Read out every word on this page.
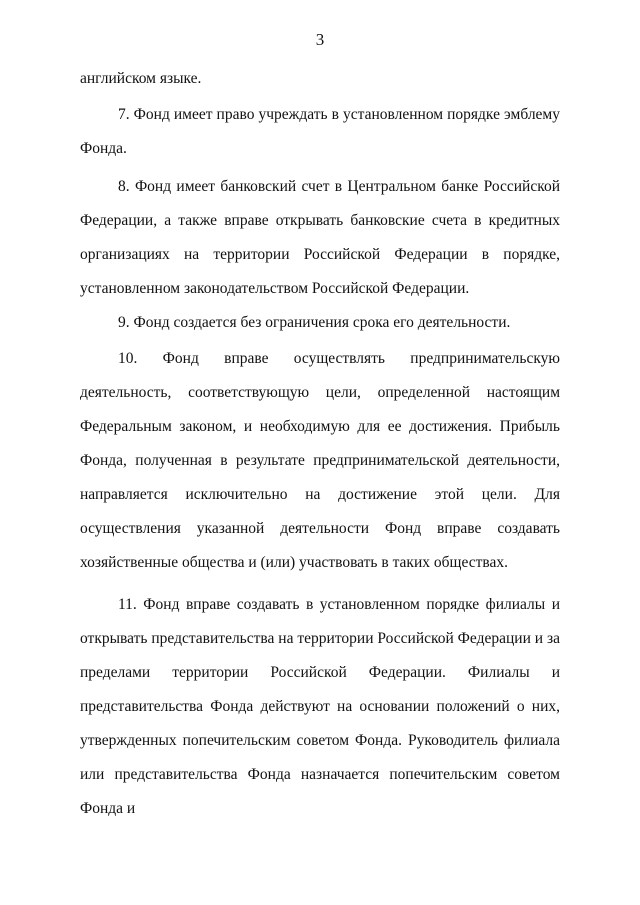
3

английском языке.

7. Фонд имеет право учреждать в установленном порядке эмблему Фонда.

8. Фонд имеет банковский счет в Центральном банке Российской Федерации, а также вправе открывать банковские счета в кредитных организациях на территории Российской Федерации в порядке, установленном законодательством Российской Федерации.

9. Фонд создается без ограничения срока его деятельности.

10. Фонд вправе осуществлять предпринимательскую деятельность, соответствующую цели, определенной настоящим Федеральным законом, и необходимую для ее достижения. Прибыль Фонда, полученная в результате предпринимательской деятельности, направляется исключительно на достижение этой цели. Для осуществления указанной деятельности Фонд вправе создавать хозяйственные общества и (или) участвовать в таких обществах.

11. Фонд вправе создавать в установленном порядке филиалы и открывать представительства на территории Российской Федерации и за пределами территории Российской Федерации. Филиалы и представительства Фонда действуют на основании положений о них, утвержденных попечительским советом Фонда. Руководитель филиала или представительства Фонда назначается попечительским советом Фонда и
